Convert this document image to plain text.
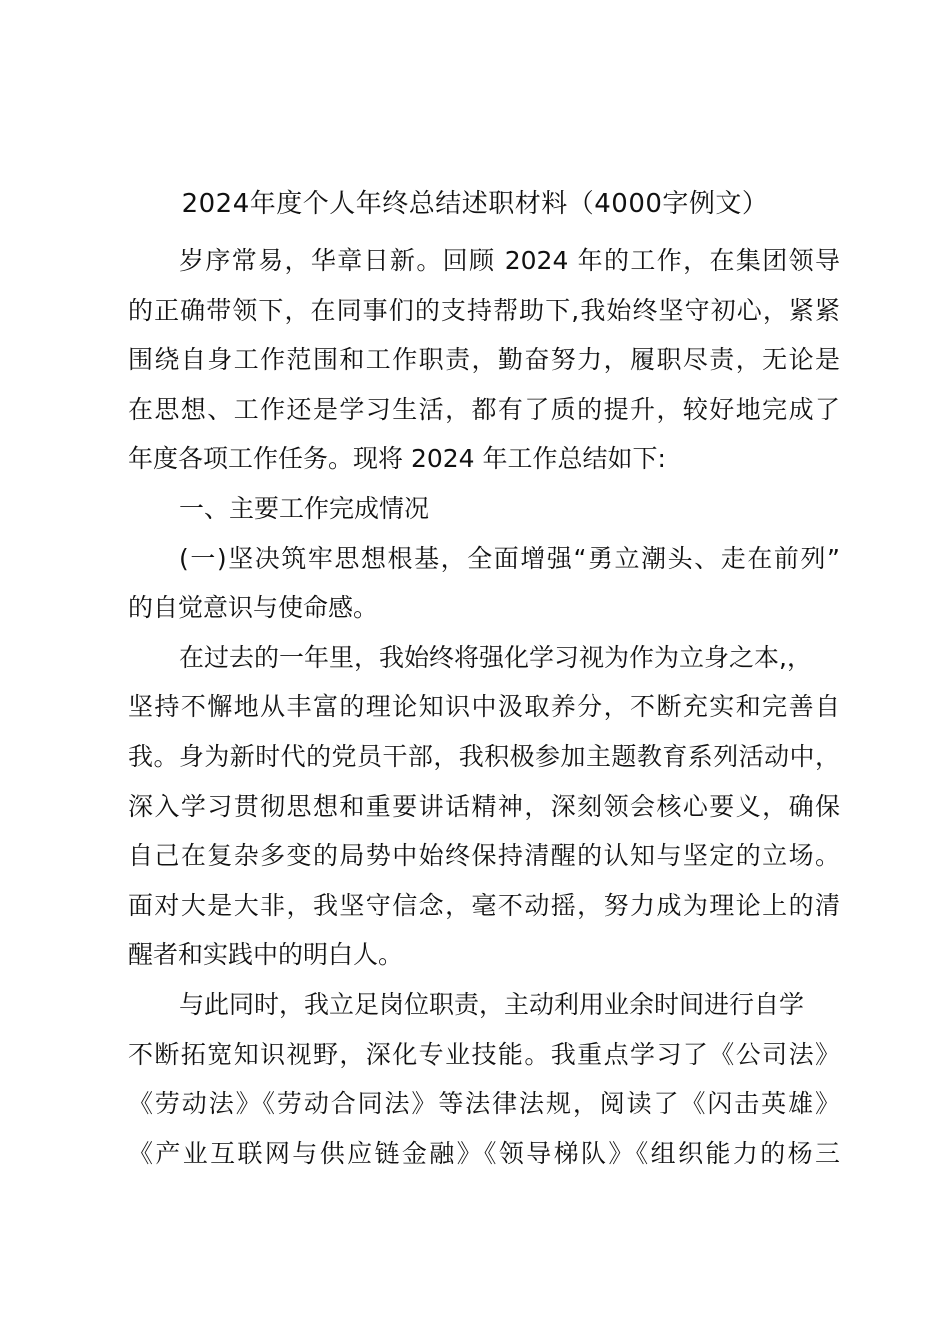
2024年度个人年终总结述职材料（4000字例文）
岁序常易，华章日新。回顾 2024 年的工作，在集团领导
的正确带领下，在同事们的支持帮助下,我始终坚守初心，紧紧
围绕自身工作范围和工作职责，勤奋努力，履职尽责，无论是
在思想、工作还是学习生活，都有了质的提升，较好地完成了
年度各项工作任务。现将 2024 年工作总结如下:
一、主要工作完成情况
(一)坚决筑牢思想根基，全面增强“勇立潮头、走在前列”
的自觉意识与使命感。
在过去的一年里，我始终将强化学习视为作为立身之本,，
坚持不懈地从丰富的理论知识中汲取养分，不断充实和完善自
我。身为新时代的党员干部，我积极参加主题教育系列活动中，
深入学习贯彻思想和重要讲话精神，深刻领会核心要义，确保
自己在复杂多变的局势中始终保持清醒的认知与坚定的立场。
面对大是大非，我坚守信念，毫不动摇，努力成为理论上的清
醒者和实践中的明白人。
与此同时，我立足岗位职责，主动利用业余时间进行自学
不断拓宽知识视野，深化专业技能。我重点学习了《公司法》
《劳动法》《劳动合同法》等法律法规，阅读了《闪击英雄》
《产业互联网与供应链金融》《领导梯队》《组织能力的杨三
